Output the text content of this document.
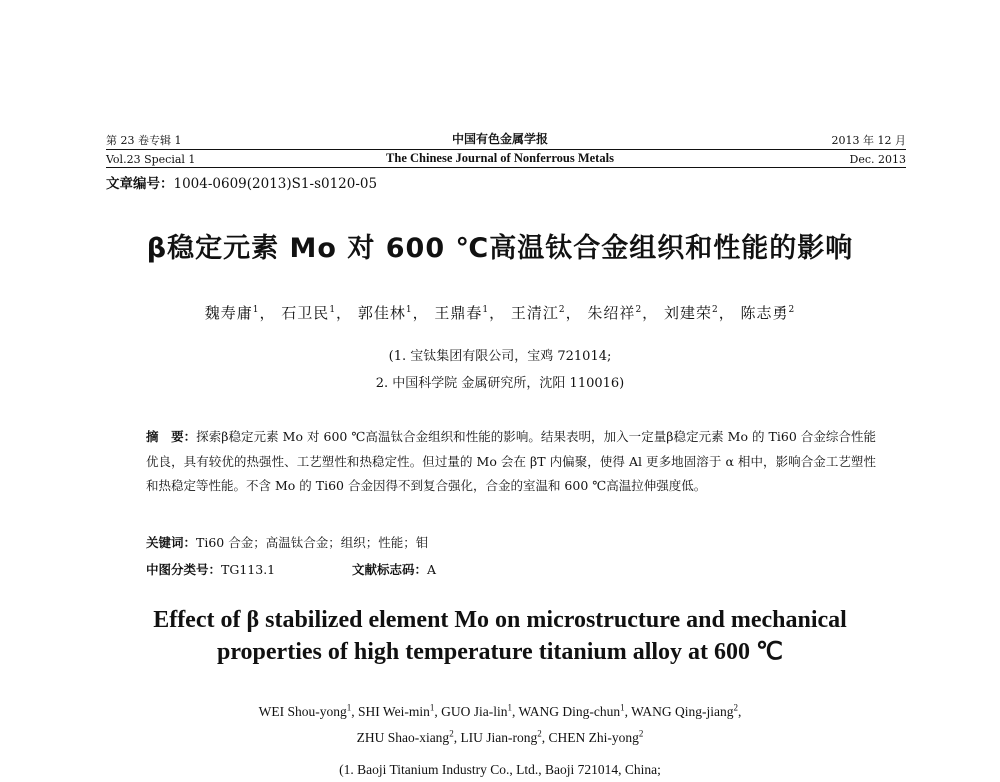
第 23 卷专辑 1	中国有色金属学报	2013 年 12 月
Vol.23 Special 1	The Chinese Journal of Nonferrous Metals	Dec. 2013
文章编号：1004-0609(2013)S1-s0120-05
β稳定元素 Mo 对 600 ℃高温钛合金组织和性能的影响
魏寿庸$^1$， 石卫民$^1$， 郭佳林$^1$， 王鼎春$^1$， 王清江$^2$， 朱绍祥$^2$， 刘建荣$^2$， 陈志勇$^2$
(1. 宝钛集团有限公司，宝鸡 721014;
2. 中国科学院 金属研究所，沈阳 110016)
摘　要：探索β稳定元素 Mo 对 600 ℃高温钛合金组织和性能的影响。结果表明，加入一定量β稳定元素 Mo 的 Ti60 合金综合性能优良，具有较优的热强性、工艺塑性和热稳定性。但过量的 Mo 会在 βT 内偏聚，使得 Al 更多地固溶于 α 相中，影响合金工艺塑性和热稳定等性能。不含 Mo 的 Ti60 合金因得不到复合强化，合金的室温和 600 ℃高温拉伸强度低。
关键词：Ti60 合金；高温钛合金；组织；性能；钼
中图分类号：TG113.1	文献标志码：A
Effect of β stabilized element Mo on microstructure and mechanical
properties of high temperature titanium alloy at 600 ℃
WEI Shou-yong$^1$, SHI Wei-$\min^1$, GUO Jia-lin$^1$, WANG Ding-chun$^1$, WANG Qing-jiang$^2$,
ZHU Shao-xiang$^2$, LIU Jian-rong$^2$, CHEN Zhi-yong$^2$
(1. Baoji Titanium Industry Co., Ltd., Baoji 721014, China;
